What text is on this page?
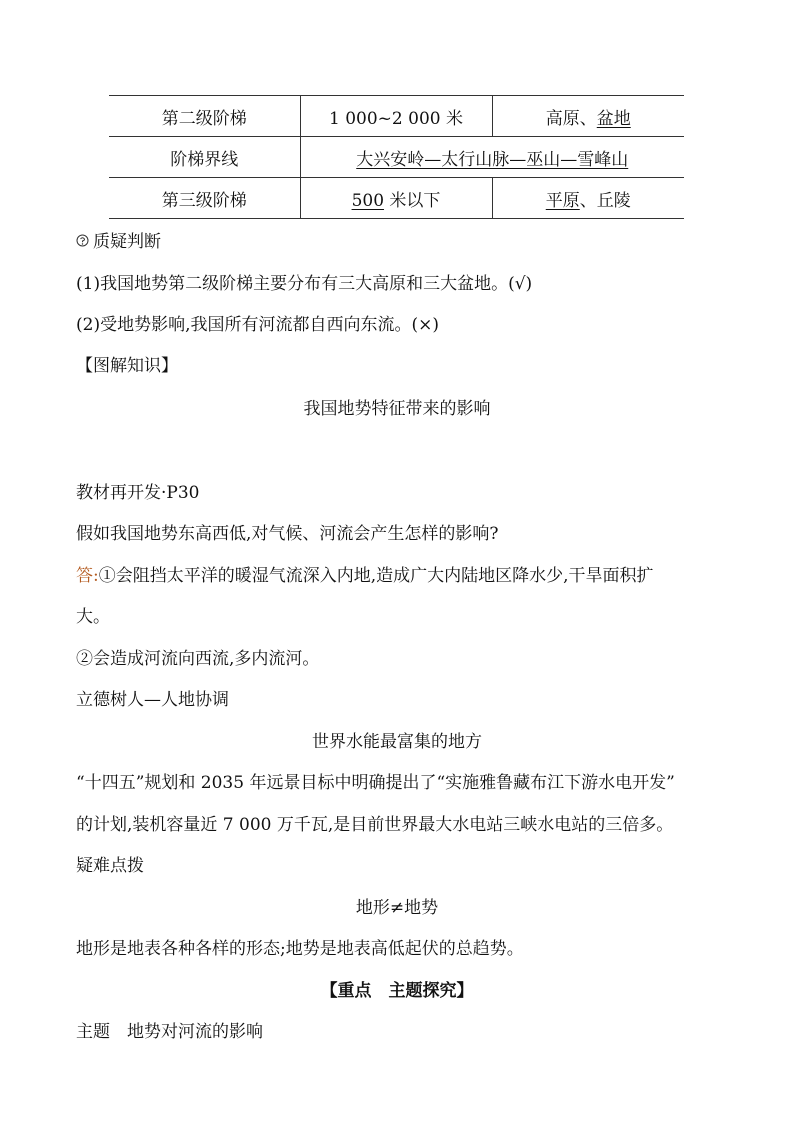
第二级阶梯	1 000~2 000 米	高原、盆地
阶梯界线	大兴安岭—太行山脉—巫山—雪峰山	
第三级阶梯	500 米以下	平原、丘陵
质疑判断
(1)我国地势第二级阶梯主要分布有三大高原和三大盆地。(√)
(2)受地势影响,我国所有河流都自西向东流。(×)
【图解知识】
我国地势特征带来的影响
教材再开发·P30
假如我国地势东高西低,对气候、河流会产生怎样的影响?
答:①会阻挡太平洋的暖湿气流深入内地,造成广大内陆地区降水少,干旱面积扩
大。
②会造成河流向西流,多内流河。
立德树人—人地协调
世界水能最富集的地方
“十四五”规划和 2035 年远景目标中明确提出了“实施雅鲁藏布江下游水电开发”
的计划,装机容量近 7 000 万千瓦,是目前世界最大水电站三峡水电站的三倍多。
疑难点拨
地形≠地势
地形是地表各种各样的形态;地势是地表高低起伏的总趋势。
【重点　主题探究】
主题　地势对河流的影响
